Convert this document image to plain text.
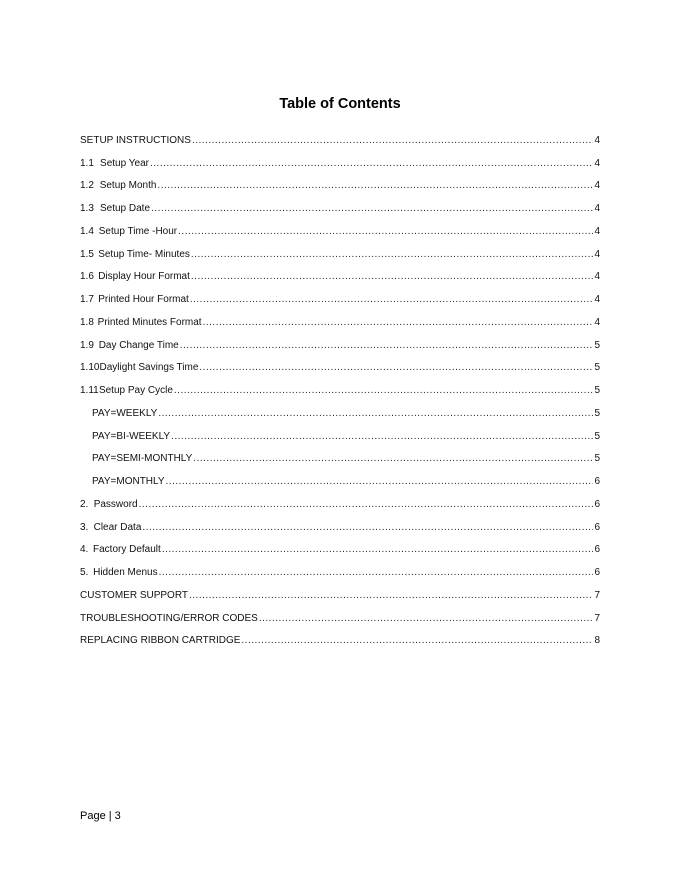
Table of Contents
SETUP INSTRUCTIONS .....	4
1.1 Setup Year .....	4
1.2 Setup Month .....	4
1.3 Setup Date .....	4
1.4 Setup Time -Hour .....	4
1.5 Setup Time- Minutes .....	4
1.6 Display Hour Format .....	4
1.7 Printed Hour Format .....	4
1.8 Printed Minutes Format .....	4
1.9 Day Change Time .....	5
1.10 Daylight Savings Time .....	5
1.11 Setup Pay Cycle .....	5
PAY=WEEKLY .....	5
PAY=BI-WEEKLY .....	5
PAY=SEMI-MONTHLY .....	5
PAY=MONTHLY .....	6
2. Password .....	6
3. Clear Data .....	6
4. Factory Default .....	6
5. Hidden Menus .....	6
CUSTOMER SUPPORT .....	7
TROUBLESHOOTING/ERROR CODES .....	7
REPLACING RIBBON CARTRIDGE .....	8
Page | 3
